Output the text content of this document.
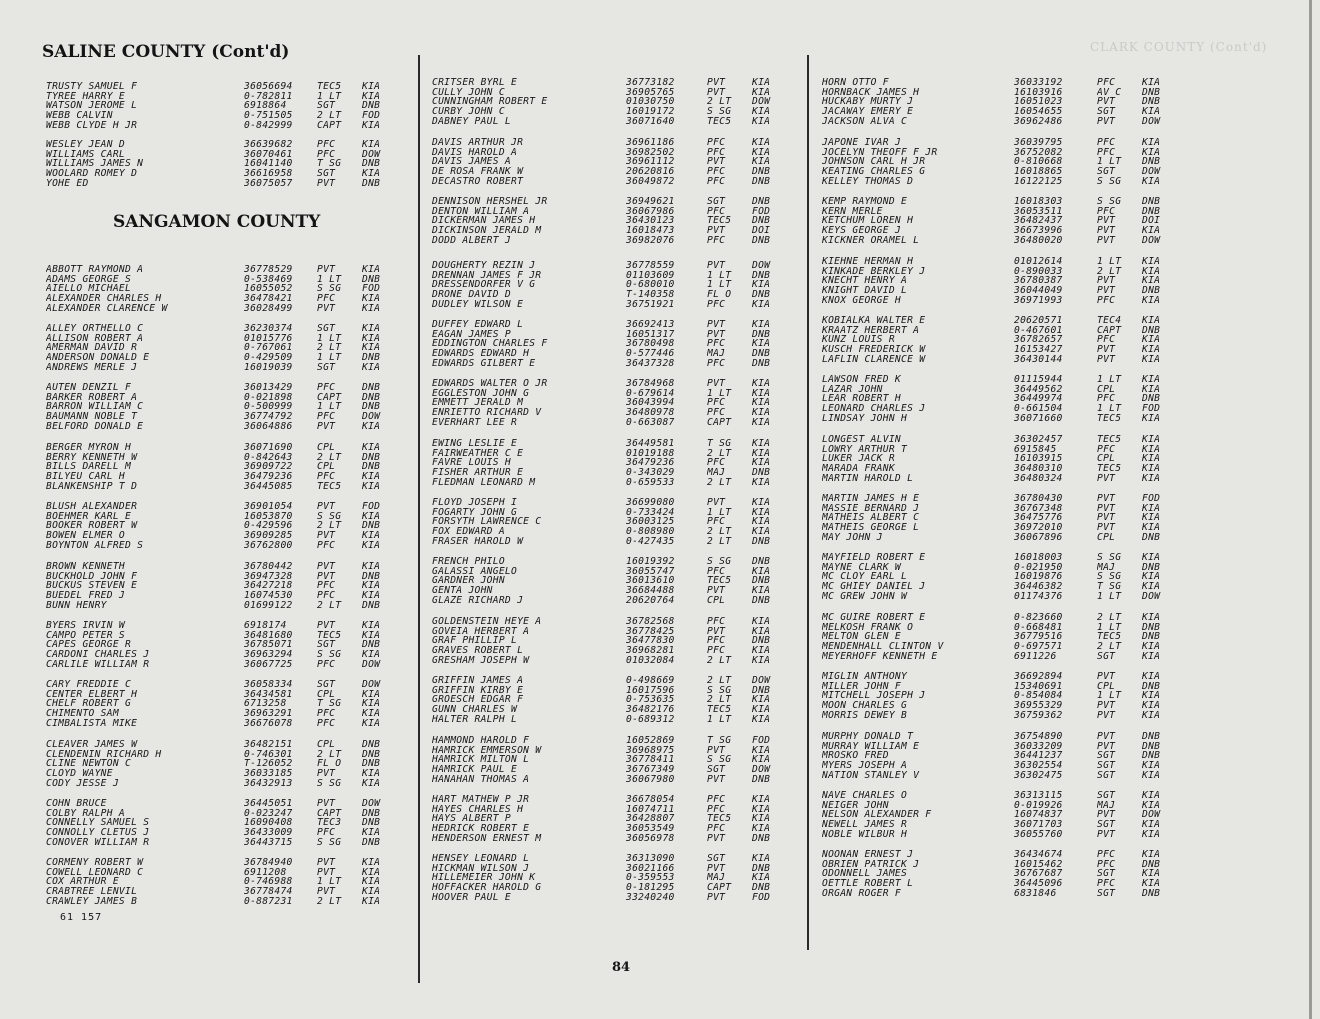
CLARK COUNTY (Cont'd)
SALINE COUNTY (Cont'd)
SANGAMON COUNTY
TRUSTY SAMUEL F	36056694	TEC5	KIA
TYREE HARRY E	0-782811	1 LT	KIA
WATSON JEROME L	6918864	SGT	DNB
WEBB CALVIN	0-751505	2 LT	FOD
WEBB CLYDE H JR	0-842999	CAPT	KIA
WESLEY JEAN D	36639682	PFC	KIA
WILLIAMS CARL	36070461	PFC	DOW
WILLIAMS JAMES N	16041140	T SG	DNB
WOOLARD ROMEY D	36616958	SGT	KIA
YOHE ED	36075057	PVT	DNB
ABBOTT RAYMOND A	36778529	PVT	KIA
ADAMS GEORGE S	0-538469	1 LT	DNB
AIELLO MICHAEL	16055052	S SG	FOD
ALEXANDER CHARLES H	36478421	PFC	KIA
ALEXANDER CLARENCE W	36028499	PVT	KIA
ALLEY ORTHELLO C	36230374	SGT	KIA
ALLISON ROBERT A	01015776	1 LT	KIA
AMERMAN DAVID R	0-767061	2 LT	KIA
ANDERSON DONALD E	0-429509	1 LT	DNB
ANDREWS MERLE J	16019039	SGT	KIA
AUTEN DENZIL F	36013429	PFC	DNB
BARKER ROBERT A	0-021898	CAPT	DNB
BARRON WILLIAM C	0-500999	1 LT	DNB
BAUMANN NOBLE T	36774792	PFC	DOW
BELFORD DONALD E	36064886	PVT	KIA
BERGER MYRON H	36071690	CPL	KIA
BERRY KENNETH W	0-842643	2 LT	DNB
BILLS DARELL M	36909722	CPL	DNB
BILYEU CARL H	36479236	PFC	KIA
BLANKENSHIP T D	36445085	TEC5	KIA
BLUSH ALEXANDER	36901054	PVT	FOD
BOEHMER KARL E	16053870	S SG	KIA
BOOKER ROBERT W	0-429596	2 LT	DNB
BOWEN ELMER O	36909285	PVT	KIA
BOYNTON ALFRED S	36762800	PFC	KIA
BROWN KENNETH	36780442	PVT	KIA
BUCKHOLD JOHN F	36947328	PVT	DNB
BUCKUS STEVEN E	36427218	PFC	KIA
BUEDEL FRED J	16074530	PFC	KIA
BUNN HENRY	01699122	2 LT	DNB
BYERS IRVIN W	6918174	PVT	KIA
CAMPO PETER S	36481680	TEC5	KIA
CAPES GEORGE R	36785071	SGT	DNB
CARDONI CHARLES J	36963294	S SG	KIA
CARLILE WILLIAM R	36067725	PFC	DOW
CARY FREDDIE C	36058334	SGT	DOW
CENTER ELBERT H	36434581	CPL	KIA
CHELF ROBERT G	6713258	T SG	KIA
CHIMENTO SAM	36963291	PFC	KIA
CIMBALISTA MIKE	36676078	PFC	KIA
CLEAVER JAMES W	36482151	CPL	DNB
CLENDENIN RICHARD H	0-746301	2 LT	DNB
CLINE NEWTON C	T-126052	FL O	DNB
CLOYD WAYNE	36033185	PVT	KIA
CODY JESSE J	36432913	S SG	KIA
COHN BRUCE	36445051	PVT	DOW
COLBY RALPH A	0-023247	CAPT	DNB
CONNELLY SAMUEL S	16090408	TEC3	DNB
CONNOLLY CLETUS J	36433009	PFC	KIA
CONOVER WILLIAM R	36443715	S SG	DNB
CORMENY ROBERT W	36784940	PVT	KIA
COWELL LEONARD C	6911208	PVT	KIA
COX ARTHUR E	0-746988	1 LT	KIA
CRABTREE LENVIL	36778474	PVT	KIA
CRAWLEY JAMES B	0-887231	2 LT	KIA
CRITSER BYRL E	36773182	PVT	KIA
CULLY JOHN C	36905765	PVT	KIA
CUNNINGHAM ROBERT E	01030750	2 LT	DOW
CURBY JOHN C	16019172	S SG	KIA
DABNEY PAUL L	36071640	TEC5	KIA
DAVIS ARTHUR JR	36961186	PFC	KIA
DAVIS HAROLD A	36982502	PFC	KIA
DAVIS JAMES A	36961112	PVT	KIA
DE ROSA FRANK W	20620816	PFC	DNB
DECASTRO ROBERT	36049872	PFC	DNB
DENNISON HERSHEL JR	36949621	SGT	DNB
DENTON WILLIAM A	36067986	PFC	FOD
DICKERMAN JAMES H	36430123	TEC5	DNB
DICKINSON JERALD M	16018473	PVT	DOI
DODD ALBERT J	36982076	PFC	DNB
DOUGHERTY REZIN J	36778559	PVT	DOW
DRENNAN JAMES F JR	01103609	1 LT	DNB
DRESSENDORFER V G	0-680010	1 LT	KIA
DRONE DAVID D	T-140358	FL O	DNB
DUDLEY WILSON E	36751921	PFC	KIA
DUFFEY EDWARD L	36692413	PVT	KIA
EAGAN JAMES P	16051317	PVT	DNB
EDDINGTON CHARLES F	36780498	PFC	KIA
EDWARDS EDWARD H	0-577446	MAJ	DNB
EDWARDS GILBERT E	36437328	PFC	DNB
EDWARDS WALTER O JR	36784968	PVT	KIA
EGGLESTON JOHN G	0-679614	1 LT	KIA
EMMETT JERALD M	36043994	PFC	KIA
ENRIETTO RICHARD V	36480978	PFC	KIA
EVERHART LEE R	0-663087	CAPT	KIA
EWING LESLIE E	36449581	T SG	KIA
FAIRWEATHER C E	01019188	2 LT	KIA
FAVRE LOUIS H	36479236	PFC	KIA
FISHER ARTHUR E	0-343029	MAJ	DNB
FLEDMAN LEONARD M	0-659533	2 LT	KIA
FLOYD JOSEPH I	36699080	PVT	KIA
FOGARTY JOHN G	0-733424	1 LT	KIA
FORSYTH LAWRENCE C	36003125	PFC	KIA
FOX EDWARD A	0-808980	2 LT	KIA
FRASER HAROLD W	0-427435	2 LT	DNB
FRENCH PHILO	16019392	S SG	DNB
GALASSI ANGELO	36055747	PFC	KIA
GARDNER JOHN	36013610	TEC5	DNB
GENTA JOHN	36684488	PVT	KIA
GLAZE RICHARD J	20620764	CPL	DNB
GOLDENSTEIN HEYE A	36782568	PFC	KIA
GOVEIA HERBERT A	36778425	PVT	KIA
GRAF PHILLIP L	36477830	PFC	DNB
GRAVES ROBERT L	36968281	PFC	KIA
GRESHAM JOSEPH W	01032084	2 LT	KIA
GRIFFIN JAMES A	0-498669	2 LT	DOW
GRIFFIN KIRBY E	16017596	S SG	DNB
GROESCH EDGAR F	0-753635	2 LT	KIA
GUNN CHARLES W	36482176	TEC5	KIA
HALTER RALPH L	0-689312	1 LT	KIA
HAMMOND HAROLD F	16052869	T SG	FOD
HAMRICK EMMERSON W	36968975	PVT	KIA
HAMRICK MILTON L	36778411	S SG	KIA
HAMRICK PAUL E	36767349	SGT	DOW
HANAHAN THOMAS A	36067980	PVT	DNB
HART MATHEW P JR	36678054	PFC	KIA
HAYES CHARLES H	16074711	PFC	KIA
HAYS ALBERT P	36428807	TEC5	KIA
HEDRICK ROBERT E	36053549	PFC	KIA
HENDERSON ERNEST M	36056978	PVT	DNB
HENSEY LEONARD L	36313090	SGT	KIA
HICKMAN WILSON J	36021166	PVT	DNB
HILLEMEIER JOHN K	0-359553	MAJ	KIA
HOFFACKER HAROLD G	0-181295	CAPT	DNB
HOOVER PAUL E	33240240	PVT	FOD
HORN OTTO F	36033192	PFC	KIA
HORNBACK JAMES H	16103916	AV C	DNB
HUCKABY MURTY J	16051023	PVT	DNB
JACAWAY EMERY E	16054655	SGT	KIA
JACKSON ALVA C	36962486	PVT	DOW
JAPONE IVAR J	36039795	PFC	KIA
JOCELYN THEOFF F JR	36752082	PFC	KIA
JOHNSON CARL H JR	0-810668	1 LT	DNB
KEATING CHARLES G	16018865	SGT	DOW
KELLEY THOMAS D	16122125	S SG	KIA
KEMP RAYMOND E	16018303	S SG	DNB
KERN MERLE	36053511	PFC	DNB
KETCHUM LOREN H	36482437	PVT	DOI
KEYS GEORGE J	36673996	PVT	KIA
KICKNER ORAMEL L	36480020	PVT	DOW
KIEHNE HERMAN H	01012614	1 LT	KIA
KINKADE BERKLEY J	0-890033	2 LT	KIA
KNECHT HENRY A	36780387	PVT	KIA
KNIGHT DAVID L	36044049	PVT	DNB
KNOX GEORGE H	36971993	PFC	KIA
KOBIALKA WALTER E	20620571	TEC4	KIA
KRAATZ HERBERT A	0-467601	CAPT	DNB
KUNZ LOUIS R	36782657	PFC	KIA
KUSCH FREDERICK W	16153427	PVT	KIA
LAFLIN CLARENCE W	36430144	PVT	KIA
LAWSON FRED K	01115944	1 LT	KIA
LAZAR JOHN	36449562	CPL	KIA
LEAR ROBERT H	36449974	PFC	DNB
LEONARD CHARLES J	0-661504	1 LT	FOD
LINDSAY JOHN H	36071660	TEC5	KIA
LONGEST ALVIN	36302457	TEC5	KIA
LOWRY ARTHUR T	6915845	PFC	KIA
LUKER JACK R	16103915	CPL	KIA
MARADA FRANK	36480310	TEC5	KIA
MARTIN HAROLD L	36480324	PVT	KIA
MARTIN JAMES H E	36780430	PVT	FOD
MASSIE BERNARD J	36767348	PVT	KIA
MATHEIS ALBERT C	36475776	PVT	KIA
MATHEIS GEORGE L	36972010	PVT	KIA
MAY JOHN J	36067896	CPL	DNB
MAYFIELD ROBERT E	16018003	S SG	KIA
MAYNE CLARK W	0-021950	MAJ	DNB
MC CLOY EARL L	16019876	S SG	KIA
MC GHIEY DANIEL J	36446382	T SG	KIA
MC GREW JOHN W	01174376	1 LT	DOW
MC GUIRE ROBERT E	0-823660	2 LT	KIA
MELKOSH FRANK O	0-668481	1 LT	DNB
MELTON GLEN E	36779516	TEC5	DNB
MENDENHALL CLINTON V	0-697571	2 LT	KIA
MEYERHOFF KENNETH E	6911226	SGT	KIA
MIGLIN ANTHONY	36692894	PVT	KIA
MILLER JOHN F	15340691	CPL	DNB
MITCHELL JOSEPH J	0-854084	1 LT	KIA
MOON CHARLES G	36955329	PVT	KIA
MORRIS DEWEY B	36759362	PVT	KIA
MURPHY DONALD T	36754890	PVT	DNB
MURRAY WILLIAM E	36033209	PVT	DNB
MROSKO FRED	36441237	SGT	DNB
MYERS JOSEPH A	36302554	SGT	KIA
NATION STANLEY V	36302475	SGT	KIA
NAVE CHARLES O	36313115	SGT	KIA
NEIGER JOHN	0-019926	MAJ	KIA
NELSON ALEXANDER F	16074837	PVT	DOW
NEWELL JAMES R	36071703	SGT	KIA
NOBLE WILBUR H	36055760	PVT	KIA
NOONAN ERNEST J	36434674	PFC	KIA
OBRIEN PATRICK J	16015462	PFC	DNB
ODONNELL JAMES	36767687	SGT	KIA
OETTLE ROBERT L	36445096	PFC	KIA
ORGAN ROGER F	6831846	SGT	DNB
61 157
84
